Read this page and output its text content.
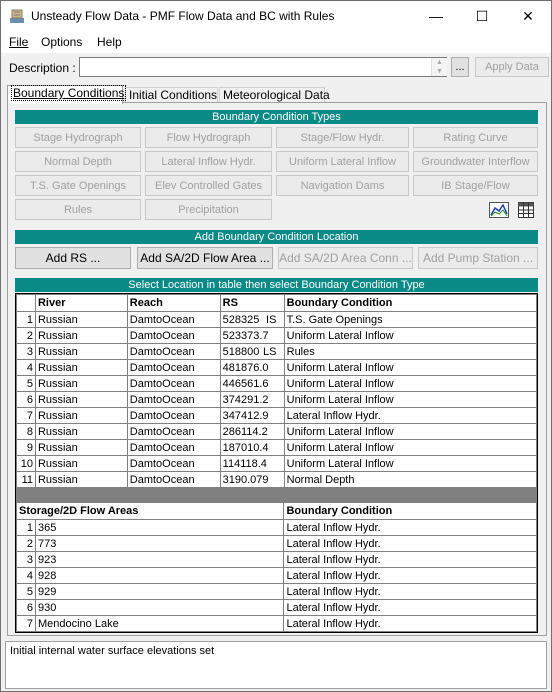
Unsteady Flow Data - PMF Flow Data and BC with Rules	— ☐ ✕
File Options Help
Description :	▲
▼	...	Apply Data
Boundary Conditions Initial Conditions Meteorological Data
Boundary Condition Types
Stage Hydrograph	Flow Hydrograph	Stage/Flow Hydr.	Rating Curve
Normal Depth	Lateral Inflow Hydr.	Uniform Lateral Inflow	Groundwater Interflow
T.S. Gate Openings	Elev Controlled Gates	Navigation Dams	IB Stage/Flow
Rules	Precipitation
Add Boundary Condition Location
Add RS ...	Add SA/2D Flow Area ... Add SA/2D Area Conn ... Add Pump Station ...
Select Location in table then select Boundary Condition Type
	River	Reach	RS	Boundary Condition
1	Russian	DamtoOcean	528325 IS	T.S. Gate Openings
2	Russian	DamtoOcean	523373.7	Uniform Lateral Inflow
3	Russian	DamtoOcean	518800 LS	Rules
4	Russian	DamtoOcean	481876.0	Uniform Lateral Inflow
5	Russian	DamtoOcean	446561.6	Uniform Lateral Inflow
6	Russian	DamtoOcean	374291.2	Uniform Lateral Inflow
7	Russian	DamtoOcean	347412.9	Lateral Inflow Hydr.
8	Russian	DamtoOcean	286114.2	Uniform Lateral Inflow
9	Russian	DamtoOcean	187010.4	Uniform Lateral Inflow
10	Russian	DamtoOcean	114118.4	Uniform Lateral Inflow
11	Russian	DamtoOcean	3190.079	Normal Depth

Storage/2D Flow Areas		Boundary Condition
1	365	Lateral Inflow Hydr.
2	773	Lateral Inflow Hydr.
3	923	Lateral Inflow Hydr.
4	928	Lateral Inflow Hydr.
5	929	Lateral Inflow Hydr.
6	930	Lateral Inflow Hydr.
7	Mendocino Lake	Lateral Inflow Hydr.
Initial internal water surface elevations set
